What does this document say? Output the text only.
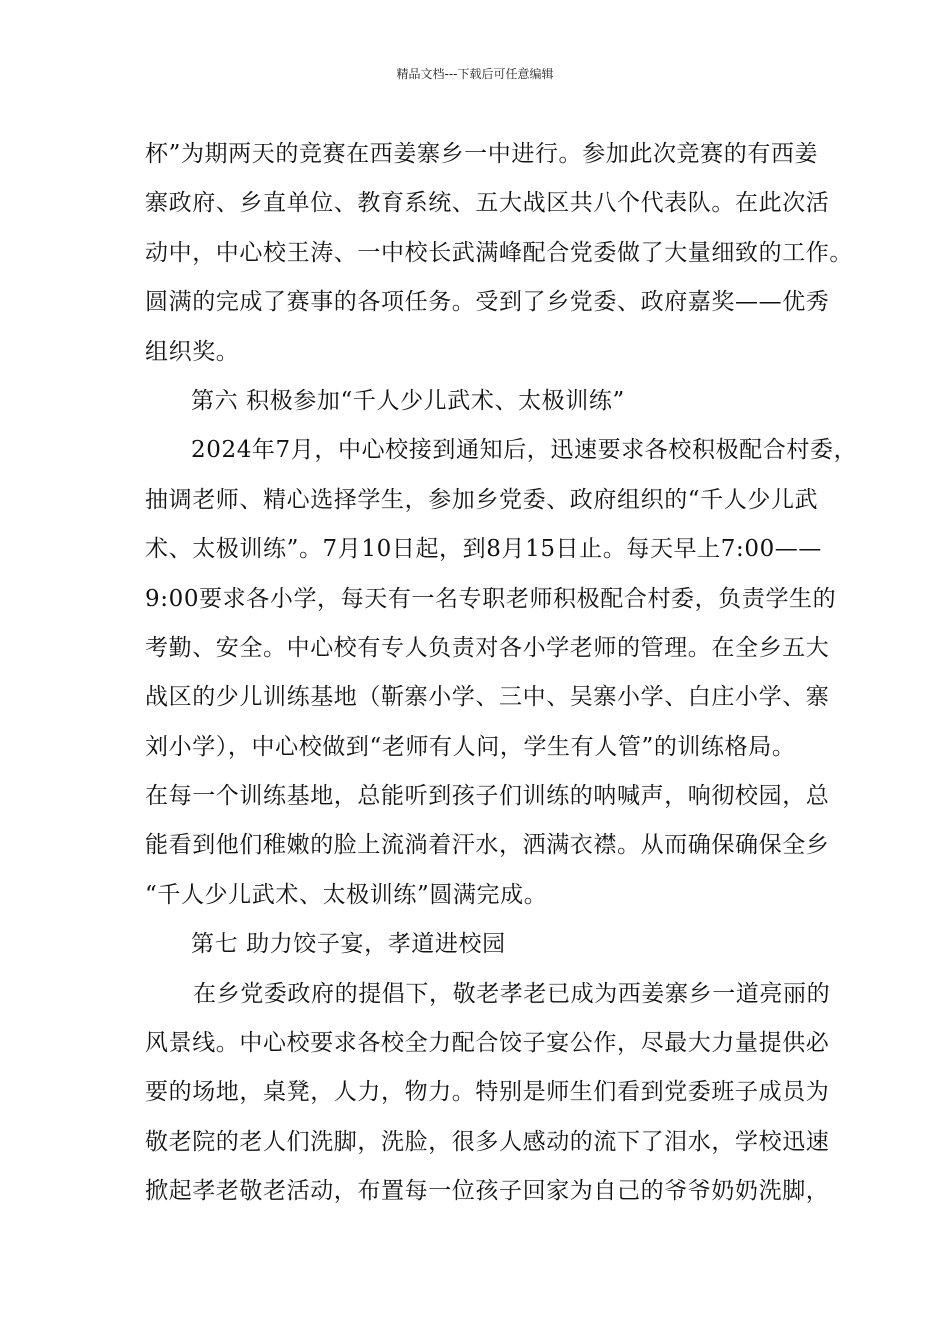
精品文档---下载后可任意编辑
杯”为期两天的竞赛在西姜寨乡一中进行。参加此次竞赛的有西姜
寨政府、乡直单位、教育系统、五大战区共八个代表队。在此次活
动中，中心校王涛、一中校长武满峰配合党委做了大量细致的工作。
圆满的完成了赛事的各项任务。受到了乡党委、政府嘉奖——优秀
组织奖。
第六 积极参加“千人少儿武术、太极训练”
2024年7月，中心校接到通知后，迅速要求各校积极配合村委，
抽调老师、精心选择学生，参加乡党委、政府组织的“千人少儿武
术、太极训练”。7月10日起，到8月15日止。每天早上7:00——
9:00要求各小学，每天有一名专职老师积极配合村委，负责学生的
考勤、安全。中心校有专人负责对各小学老师的管理。在全乡五大
战区的少儿训练基地（靳寨小学、三中、吴寨小学、白庄小学、寨
刘小学），中心校做到“老师有人问，学生有人管”的训练格局。
在每一个训练基地，总能听到孩子们训练的呐喊声，响彻校园，总
能看到他们稚嫩的脸上流淌着汗水，洒满衣襟。从而确保确保全乡
“千人少儿武术、太极训练”圆满完成。
第七 助力饺子宴，孝道进校园
在乡党委政府的提倡下，敬老孝老已成为西姜寨乡一道亮丽的
风景线。中心校要求各校全力配合饺子宴公作，尽最大力量提供必
要的场地，桌凳，人力，物力。特别是师生们看到党委班子成员为
敬老院的老人们洗脚，洗脸，很多人感动的流下了泪水，学校迅速
掀起孝老敬老活动，布置每一位孩子回家为自己的爷爷奶奶洗脚，
